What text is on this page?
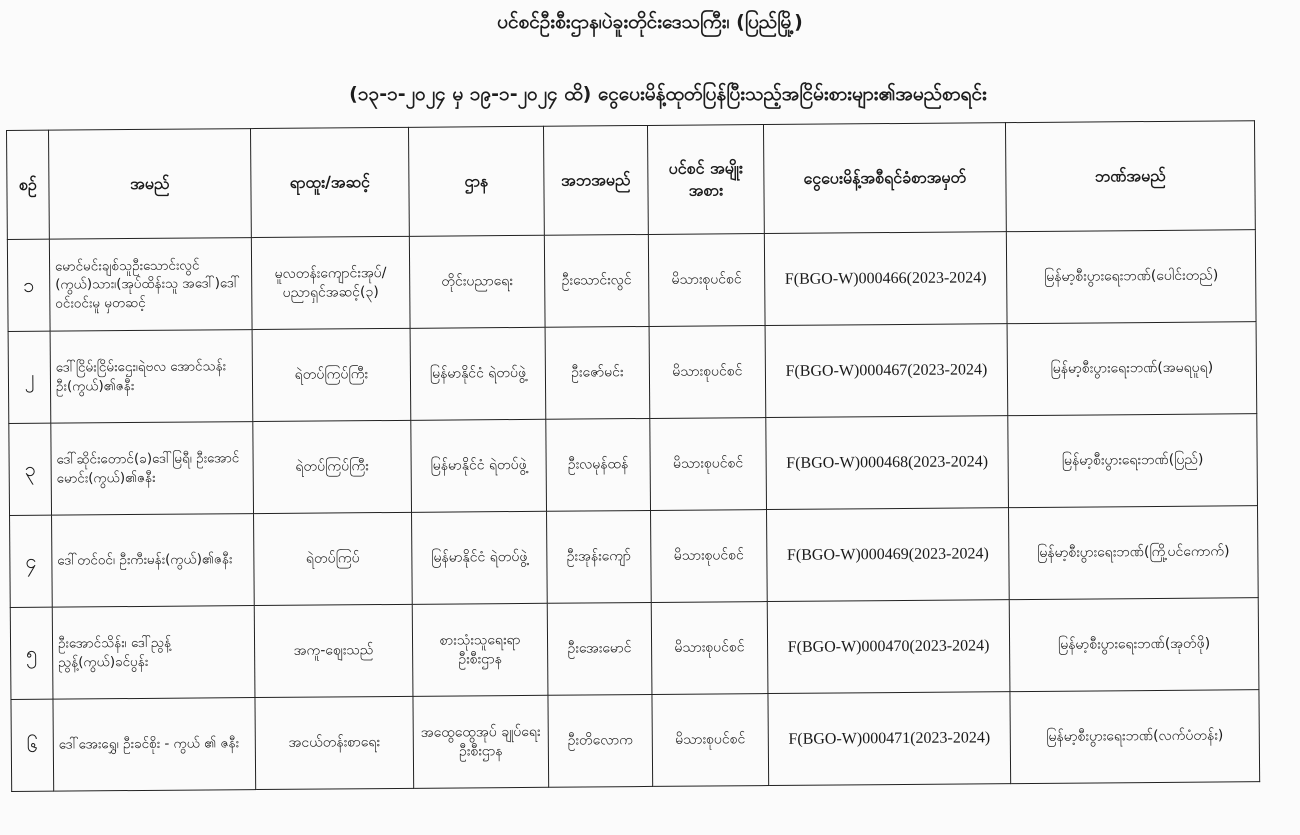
ပင်စင်ဦးစီးဌာန၊ပဲခူးတိုင်းဒေသကြီး၊ (ပြည်မြို့)
(၁၃-၁-၂၀၂၄ မှ ၁၉-၁-၂၀၂၄ ထိ) ငွေပေးမိန့်ထုတ်ပြန်ပြီးသည့်အငြိမ်းစားများ၏အမည်စာရင်း
စဉ်	အမည်	ရာထူး/အဆင့်	ဌာန	အဘအမည်	ပင်စင် အမျိုးအစား	ငွေပေးမိန့်အစီရင်ခံစာအမှတ်	ဘဏ်အမည်
၁	မောင်မင်းချစ်သူဦးသောင်းလွင် (ကွယ်)သား၊(အုပ်ထိန်းသူ အဒေါ်)ဒေါ်ဝင်းဝင်းမူ မှတဆင့်	မူလတန်းကျောင်းအုပ်/ ပညာရှင်အဆင့်(၃)	တိုင်းပညာရေး	ဦးသောင်းလွင်	မိသားစုပင်စင်	F(BGO-W)000466(2023-2024)	မြန်မာ့စီးပွားရေးဘဏ်(ပေါင်းတည်)
၂	ဒေါ်ငြိမ်းငြိမ်းဌေး၊ရဲဗလ အောင်သန်းဦး(ကွယ်)၏ဇနီး	ရဲတပ်ကြပ်ကြီး	မြန်မာနိုင်ငံ ရဲတပ်ဖွဲ့	ဦးဇော်မင်း	မိသားစုပင်စင်	F(BGO-W)000467(2023-2024)	မြန်မာ့စီးပွားရေးဘဏ်(အမရပူရ)
၃	ဒေါ်ဆိုင်းတောင်(ခ)ဒေါ်မြရီ၊ ဦးအောင်မောင်း(ကွယ်)၏ဇနီး	ရဲတပ်ကြပ်ကြီး	မြန်မာနိုင်ငံ ရဲတပ်ဖွဲ့	ဦးလမုန်ထန်	မိသားစုပင်စင်	F(BGO-W)000468(2023-2024)	မြန်မာ့စီးပွားရေးဘဏ်(ပြည်)
၄	ဒေါ်တင်ဝင်၊ ဦးကီးမန်း(ကွယ်)၏ဇနီး	ရဲတပ်ကြပ်	မြန်မာနိုင်ငံ ရဲတပ်ဖွဲ့	ဦးအုန်းကျော်	မိသားစုပင်စင်	F(BGO-W)000469(2023-2024)	မြန်မာ့စီးပွားရေးဘဏ်(ကြို့ပင်ကောက်)
၅	ဦးအောင်သိန်း၊ ဒေါ်ညွန့်ညွန့်(ကွယ်)ခင်ပွန်း	အကူ-ဈေးသည်	စားသုံးသူရေးရာ ဦးစီးဌာန	ဦးအေးမောင်	မိသားစုပင်စင်	F(BGO-W)000470(2023-2024)	မြန်မာ့စီးပွားရေးဘဏ်(အုတ်ဖို)
၆	ဒေါ်အေးရွှေ၊ ဦးခင်စိုး - ကွယ် ၏ ဇနီး	အငယ်တန်းစာရေး	အထွေထွေအုပ် ချုပ်ရေးဦးစီးဌာန	ဦးတိလောက	မိသားစုပင်စင်	F(BGO-W)000471(2023-2024)	မြန်မာ့စီးပွားရေးဘဏ်(လက်ပံတန်း)
